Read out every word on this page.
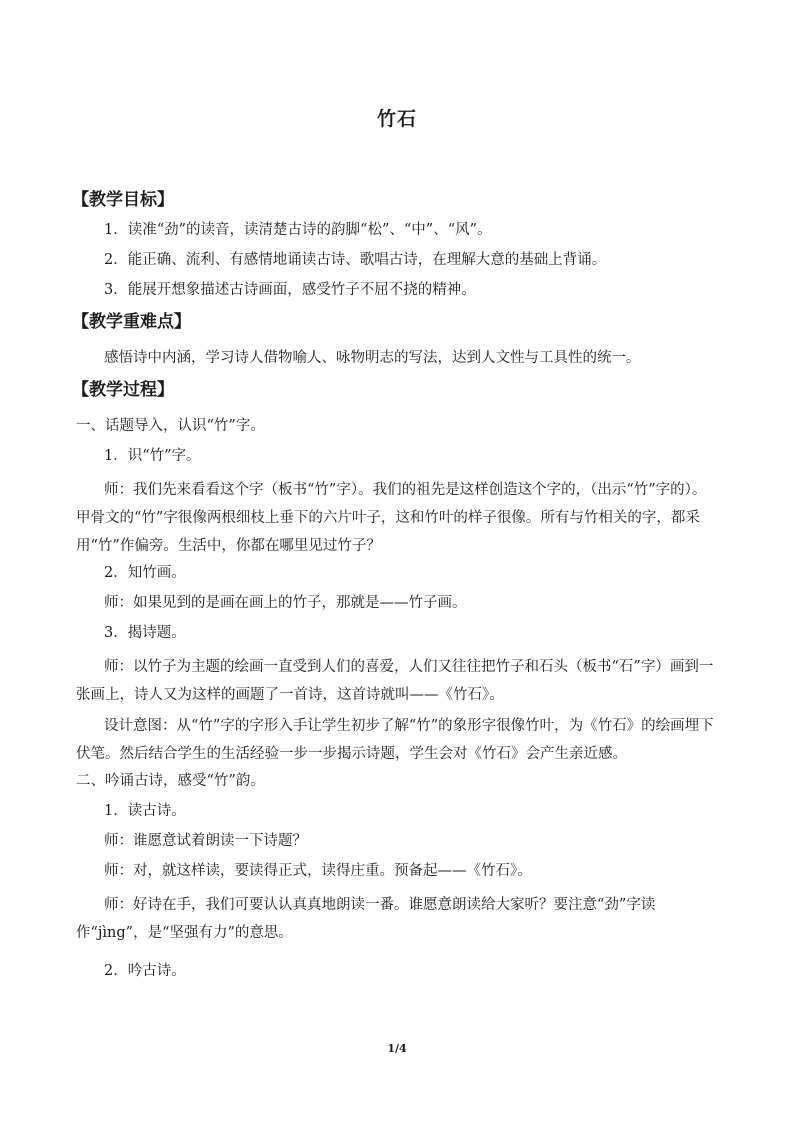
竹石
【教学目标】
1．读准“劲”的读音，读清楚古诗的韵脚“松”、“中”、“风”。
2．能正确、流利、有感情地诵读古诗、歌唱古诗，在理解大意的基础上背诵。
3．能展开想象描述古诗画面，感受竹子不屈不挠的精神。
【教学重难点】
感悟诗中内涵，学习诗人借物喻人、咏物明志的写法，达到人文性与工具性的统一。
【教学过程】
一、话题导入，认识“竹”字。
1．识“竹”字。
师：我们先来看看这个字（板书“竹”字）。我们的祖先是这样创造这个字的，（出示“竹”字的）。甲骨文的“竹”字很像两根细枝上垂下的六片叶子，这和竹叶的样子很像。所有与竹相关的字，都采用“竹”作偏旁。生活中，你都在哪里见过竹子？
2．知竹画。
师：如果见到的是画在画上的竹子，那就是——竹子画。
3．揭诗题。
师：以竹子为主题的绘画一直受到人们的喜爱，人们又往往把竹子和石头（板书“石”字）画到一张画上，诗人又为这样的画题了一首诗，这首诗就叫——《竹石》。
设计意图：从“竹”字的字形入手让学生初步了解“竹”的象形字很像竹叶，为《竹石》的绘画埋下伏笔。然后结合学生的生活经验一步一步揭示诗题，学生会对《竹石》会产生亲近感。
二、吟诵古诗，感受“竹”韵。
1．读古诗。
师：谁愿意试着朗读一下诗题？
师：对，就这样读，要读得正式，读得庄重。预备起——《竹石》。
师：好诗在手，我们可要认认真真地朗读一番。谁愿意朗读给大家听？要注意“劲”字读作“jìng”，是“坚强有力”的意思。
2．吟古诗。
1/4
